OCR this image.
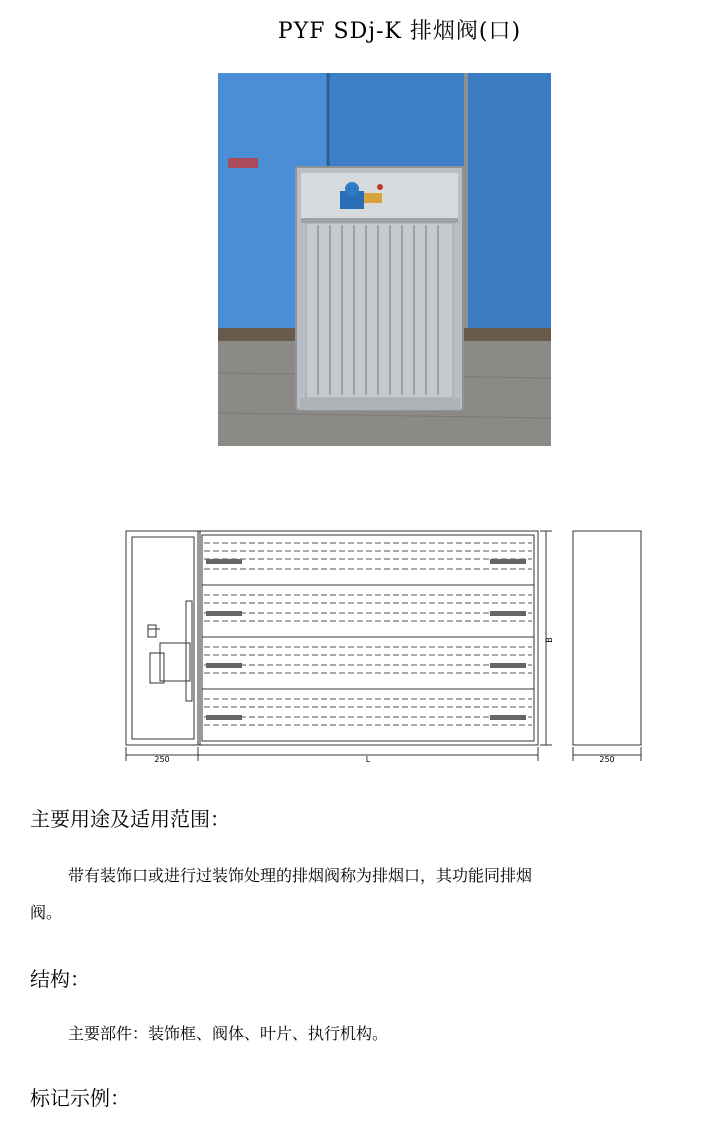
PYF SDj-K 排烟阀(口)
250	L
B
250
主要用途及适用范围：
带有装饰口或进行过装饰处理的排烟阀称为排烟口，其功能同排烟
阀。
结构：
主要部件：装饰框、阀体、叶片、执行机构。
标记示例：
